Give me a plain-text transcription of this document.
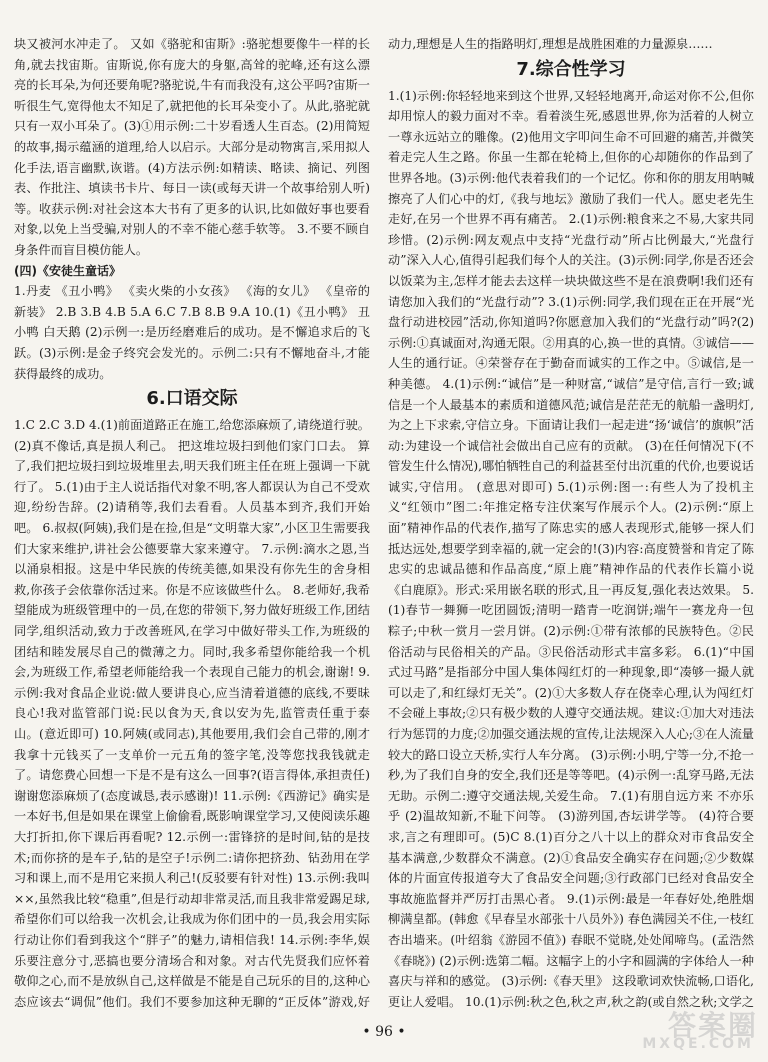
块又被河水冲走了。 又如《骆驼和宙斯》:骆驼想要像牛一样的长角,就去找宙斯。宙斯说,你有庞大的身躯,高耸的驼峰,还有这么漂亮的长耳朵,为何还要角呢?骆驼说,牛有而我没有,这公平吗?宙斯一听很生气,宽得他太不知足了,就把他的长耳朵变小了。从此,骆驼就只有一双小耳朵了。(3)①用示例:二十岁看透人生百态。(2)用简短的故事,揭示蕴涵的道理,给人以启示。大部分是动物寓言,采用拟人化手法,语言幽默,诙谐。(4)方法示例:如精读、略读、摘记、列图表、作批注、填读书卡片、每日一读(或每天讲一个故事给别人听)等。收获示例:对社会这本大书有了更多的认识,比如做好事也要看对象,以免上当受骗,对别人的不幸不能心慈手软等。 3.不要不顾自身条件而盲目模仿能人。

(四)《安徒生童话》

1.丹麦 《丑小鸭》 《卖火柴的小女孩》 《海的女儿》 《皇帝的新装》 2.B 3.B 4.B 5.A 6.C 7.B 8.B 9.A 10.(1)《丑小鸭》 丑小鸭 白天鹅 (2)示例一:是历经磨难后的成功。是不懈追求后的飞跃。(3)示例:是金子终究会发光的。示例二:只有不懈地奋斗,才能获得最终的成功。

6.口语交际

1.C 2.C 3.D 4.(1)前面道路正在施工,给您添麻烦了,请绕道行驶。(2)真不像话,真是损人利己。 把这堆垃圾扫到他们家门口去。 算了,我们把垃圾扫到垃圾堆里去,明天我们班主任在班上强调一下就行了。 5.(1)由于主人说话指代对象不明,客人都误认为自己不受欢迎,纷纷告辞。(2)请稍等,我们去看看。人员基本到齐,我们开始吧。 6.叔叔(阿姨),我们是在捡,但是“文明靠大家”,小区卫生需要我们大家来维护,讲社会公德要靠大家来遵守。 7.示例:滴水之恩,当以涌泉相报。这是中华民族的传统美德,如果没有你先生的舍身相救,你孩子会依靠你活过来。你是不应该做些什么。 8.老师好,我希望能成为班级管理中的一员,在您的带领下,努力做好班级工作,团结同学,组织活动,致力于改善班风,在学习中做好带头工作,为班级的团结和睦发展尽自己的微薄之力。同时,我多希望你能给我一个机会,为班级工作,希望老师能给我一个表现自己能力的机会,谢谢! 9.示例:我对食品企业说:做人要讲良心,应当清着道德的底线,不要昧良心!我对监管部门说:民以食为天,食以安为先,监管责任重于泰山。(意近即可) 10.阿姨(或同志),其他要用,我们会自己带的,刚才我拿十元钱买了一支单价一元五角的签字笔,没等您找我钱就走了。请您费心回想一下是不是有这么一回事?(语言得体,承担责任)谢谢您添麻烦了(态度诚恳,表示感谢)! 11.示例:《西游记》确实是一本好书,但是如果在课堂上偷偷看,既影响课堂学习,又使阅读乐趣大打折扣,你下课后再看呢? 12.示例一:雷锋挤的是时间,钻的是技术;而你挤的是车子,钻的是空子!示例二:请你把挤劲、钻劲用在学习和课上,而不是用它来损人利己!(反驳要有针对性) 13.示例:我叫××,虽然我比较“稳重”,但是行动却非常灵活,而且我非常爱踢足球,希望你们可以给我一次机会,让我成为你们团中的一员,我会用实际行动让你们看到我这个“胖子”的魅力,请相信我! 14.示例:李华,娱乐要注意分寸,恶搞也要分清场合和对象。对古代先贤我们应怀着敬仰之心,而不是放纵自己,这样做是不能是自己玩乐的目的,这种心态应该去“调侃”他们。我们不要参加这种无聊的“正反体”游戏,好

动力,理想是人生的指路明灯,理想是战胜困难的力量源泉……

7.综合性学习

1.(1)示例:你轻轻地来到这个世界,又轻轻地离开,命运对你不公,但你却用惊人的毅力面对不幸。看着淡生死,感恩世界,你为活着的人树立一尊永远站立的雕像。(2)他用文字叩问生命不可回避的痛苦,并微笑着走完人生之路。你虽一生都在轮椅上,但你的心却随你的作品到了世界各地。(3)示例:他代表着我们的一个记忆。你和你的朋友用呐喊擦亮了人们心中的灯,《我与地坛》激励了我们一代人。愿史老先生走好,在另一个世界不再有痛苦。 2.(1)示例:粮食来之不易,大家共同珍惜。(2)示例:网友观点中支持“光盘行动”所占比例最大,“光盘行动”深入人心,值得引起我们每个人的关注。(3)示例:同学,你是否还会以饭菜为主,怎样才能去去这样一块块做这些不是在浪费啊!我们还有请您加入我们的“光盘行动”? 3.(1)示例:同学,我们现在正在开展“光盘行动进校园”活动,你知道吗?你愿意加入我们的“光盘行动”吗?(2)示例:①真诚面对,沟通无限。②用真的心,换一世的真情。③诚信——人生的通行证。④荣誉存在于勤奋而诚实的工作之中。⑤诚信,是一种美德。 4.(1)示例:“诚信”是一种财富,“诚信”是守信,言行一致;诚信是一个人最基本的素质和道德风范;诚信是茫茫无的航船一盏明灯,为之上下求索,守信立身。下面请让我们一起走进“扬‘诚信’的旗帜”活动:为建设一个诚信社会做出自己应有的贡献。 (3)在任何情况下(不管发生什么情况),哪怕牺牲自己的利益甚至付出沉重的代价,也要说话诚实,守信用。 (意思对即可) 5.(1)示例:图一:有些人为了投机主义“红领巾”图二:年推定格专注伏案写作展示个人。(2)示例:“原上面”精神作品的代表作,描写了陈忠实的感人表现形式,能够一探人们抵达远处,想要学到幸福的,就一定会的!(3)内容:高度赞誉和肯定了陈忠实的忠诚品德和作品高度,“原上鹿”精神作品的代表作长篇小说《白鹿原》。形式:采用嵌名联的形式,且一再反复,强化表达效果。 5.(1)春节一舞狮一吃团圆饭;清明一踏青一吃润饼;端午一赛龙舟一包粽子;中秋一赏月一尝月饼。(2)示例:①带有浓郁的民族特色。②民俗活动与民俗相关的产品。③民俗活动形式丰富多彩。 6.(1)“中国式过马路”是指部分中国人集体闯红灯的一种现象,即“凑够一撮人就可以走了,和红绿灯无关”。(2)①大多数人存在侥幸心理,认为闯红灯不会碰上事故;②只有极少数的人遵守交通法规。建议:①加大对违法行为惩罚的力度;②加强交通法规的宣传,让法规深入人心;③在人流量较大的路口设立天桥,实行人车分离。 (3)示例:小明,宁等一分,不抢一秒,为了我们自身的安全,我们还是等等吧。(4)示例一:乱穿马路,无法无助。示例二:遵守交通法规,关爱生命。 7.(1)有朋自远方来 不亦乐乎 (2)温故知新,不耻下问等。 (3)游列国,杏坛讲学等。 (4)符合要求,言之有理即可。(5)C 8.(1)百分之八十以上的群众对市食品安全基本满意,少数群众不满意。(2)①食品安全确实存在问题;②少数媒体的片面宣传报道夸大了食品安全问题;③行政部门已经对食品安全事故施监督并严厉打击黑心者。 9.(1)示例:最是一年春好处,绝胜烟柳满皇都。(韩愈《早春呈水部张十八员外》) 春色满园关不住,一枝红杏出墙来。(叶绍翁《游园不值》) 春眠不觉晓,处处闻啼鸟。(孟浩然《春晓》) (2)示例:选第二幅。这幅字上的小字和圆满的字体给人一种喜庆与祥和的感觉。 (3)示例:《春天里》 这段歌词欢快流畅,口语化,更让人爱唱。 10.(1)示例:秋之色,秋之声,秋之韵(或自然之秋;文学之

• 96 •	答案圈
MXQE.COM
